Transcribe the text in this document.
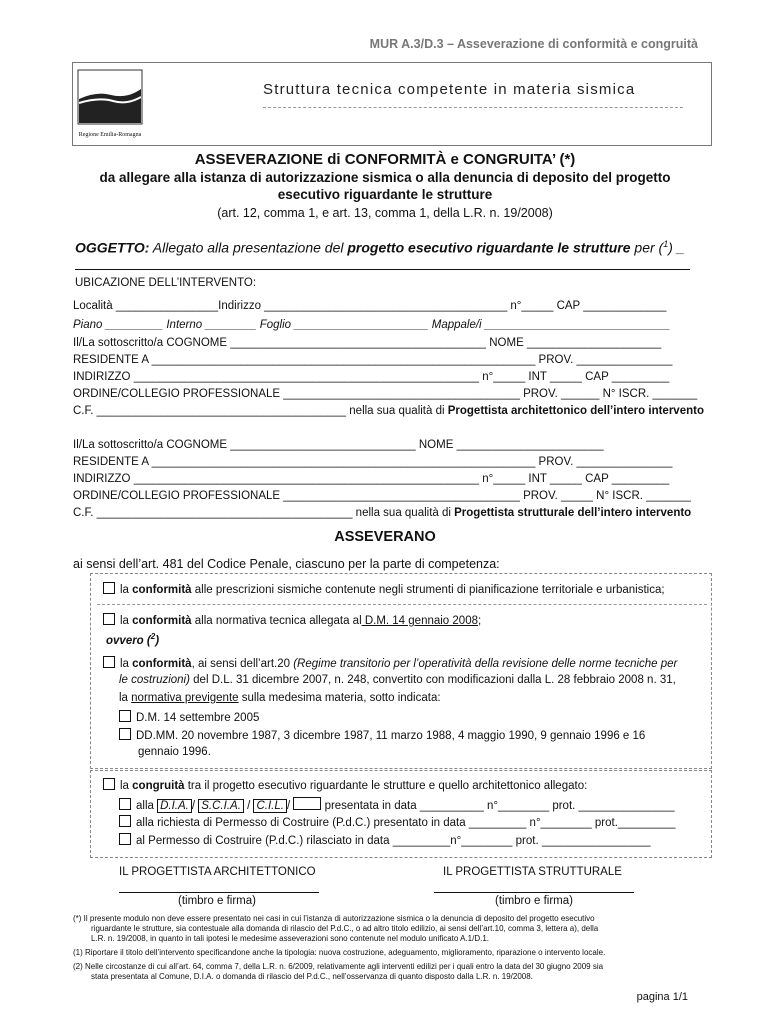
MUR A.3/D.3 – Asseverazione di conformità e congruità
Regione Emilia-Romagna
Struttura tecnica competente in materia sismica
ASSEVERAZIONE di CONFORMITÀ e CONGRUITA’ (*)
da allegare alla istanza di autorizzazione sismica o alla denuncia di deposito del progetto
esecutivo riguardante le strutture
(art. 12, comma 1, e art. 13, comma 1, della L.R. n. 19/2008)
OGGETTO: Allegato alla presentazione del progetto esecutivo riguardante le strutture per ($^1$) _
UBICAZIONE DELL’INTERVENTO:
Località ________________Indirizzo ______________________________________ n°_____ CAP _____________
Piano _________ Interno ________ Foglio _____________________ Mappale/i _____________________________
Il/La sottoscritto/a COGNOME ________________________________________ NOME _____________________
RESIDENTE A ____________________________________________________________ PROV. _______________
INDIRIZZO ______________________________________________________ n°_____ INT _____ CAP _________
ORDINE/COLLEGIO PROFESSIONALE _____________________________________ PROV. ______ N° ISCR. _______
C.F. _______________________________________ nella sua qualità di Progettista architettonico dell’intero intervento
Il/La sottoscritto/a COGNOME _____________________________ NOME _______________________
RESIDENTE A ____________________________________________________________ PROV. _______________
INDIRIZZO ______________________________________________________ n°_____ INT _____ CAP _________
ORDINE/COLLEGIO PROFESSIONALE _____________________________________ PROV. _____ N° ISCR. _______
C.F. ________________________________________ nella sua qualità di Progettista strutturale dell’intero intervento
ASSEVERANO
ai sensi dell’art. 481 del Codice Penale, ciascuno per la parte di competenza:
la conformità alle prescrizioni sismiche contenute negli strumenti di pianificazione territoriale e urbanistica;
la conformità alla normativa tecnica allegata al D.M. 14 gennaio 2008;
ovvero ($^2$)
la conformità, ai sensi dell’art.20 (Regime transitorio per l’operatività della revisione delle norme tecniche per
le costruzioni) del D.L. 31 dicembre 2007, n. 248, convertito con modificazioni dalla L. 28 febbraio 2008 n. 31,
la normativa previgente sulla medesima materia, sotto indicata:
D.M. 14 settembre 2005
DD.MM. 20 novembre 1987, 3 dicembre 1987, 11 marzo 1988, 4 maggio 1990, 9 gennaio 1996 e 16
gennaio 1996.
la congruità tra il progetto esecutivo riguardante le strutture e quello architettonico allegato:
alla D.I.A. / S.C.I.A. / C.I.L. /	presentata in data __________ n°________ prot. _______________
alla richiesta di Permesso di Costruire (P.d.C.) presentato in data _________ n°________ prot._________
al Permesso di Costruire (P.d.C.) rilasciato in data _________n°________ prot. _________________
IL PROGETTISTA ARCHITETTONICO	IL PROGETTISTA STRUTTURALE
(timbro e firma)	(timbro e firma)
(*) Il presente modulo non deve essere presentato nei casi in cui l’istanza di autorizzazione sismica o la denuncia di deposito del progetto esecutivo
riguardante le strutture, sia contestuale alla domanda di rilascio del P.d.C., o ad altro titolo edilizio, ai sensi dell’art.10, comma 3, lettera a), della
L.R. n. 19/2008, in quanto in tali ipotesi le medesime asseverazioni sono contenute nel modulo unificato A.1/D.1.
(1) Riportare il titolo dell’intervento specificandone anche la tipologia: nuova costruzione, adeguamento, miglioramento, riparazione o intervento locale.
(2) Nelle circostanze di cui all’art. 64, comma 7, della L.R. n. 6/2009, relativamente agli interventi edilizi per i quali entro la data del 30 giugno 2009 sia
stata presentata al Comune, D.I.A. o domanda di rilascio del P.d.C., nell’osservanza di quanto disposto dalla L.R. n. 19/2008.
pagina 1/1
